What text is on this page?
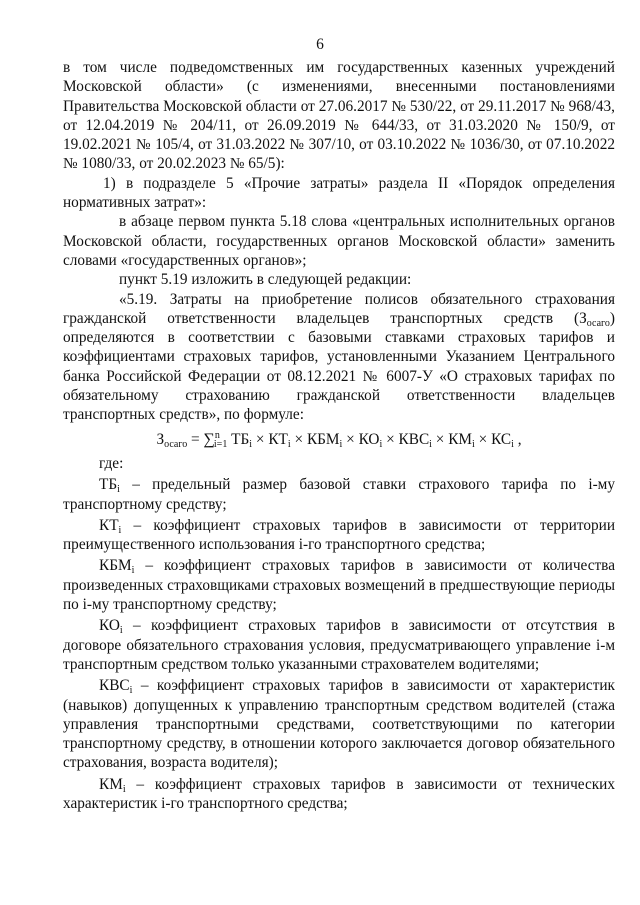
6

в том числе подведомственных им государственных казенных учреждений Московской области» (с изменениями, внесенными постановлениями Правительства Московской области от 27.06.2017 № 530/22, от 29.11.2017 № 968/43, от 12.04.2019 № 204/11, от 26.09.2019 № 644/33, от 31.03.2020 № 150/9, от 19.02.2021 № 105/4, от 31.03.2022 № 307/10, от 03.10.2022 № 1036/30, от 07.10.2022 № 1080/33, от 20.02.2023 № 65/5):

1) в подразделе 5 «Прочие затраты» раздела II «Порядок определения нормативных затрат»:

в абзаце первом пункта 5.18 слова «центральных исполнительных органов Московской области, государственных органов Московской области» заменить словами «государственных органов»;

пункт 5.19 изложить в следующей редакции:

«5.19. Затраты на приобретение полисов обязательного страхования гражданской ответственности владельцев транспортных средств $(З_{осаго})$ определяются в соответствии с базовыми ставками страховых тарифов и коэффициентами страховых тарифов, установленными Указанием Центрального банка Российской Федерации от 08.12.2021 № 6007-У «О страховых тарифах по обязательному страхованию гражданской ответственности владельцев транспортных средств», по формуле:

$З_{осаго} = \sum^n_{i=1}$ $ТБ_i \times КТ_i \times КБМ_i \times КО_i \times КВС_i \times КМ_i \times КС_i$ ,

где:

$ТБ_i$ – предельный размер базовой ставки страхового тарифа по i-му транспортному средству;

$КТ_i$ – коэффициент страховых тарифов в зависимости от территории преимущественного использования i-го транспортного средства;

$КБМ_i$ – коэффициент страховых тарифов в зависимости от количества произведенных страховщиками страховых возмещений в предшествующие периоды по i-му транспортному средству;

$КО_i$ – коэффициент страховых тарифов в зависимости от отсутствия в договоре обязательного страхования условия, предусматривающего управление i-м транспортным средством только указанными страхователем водителями;

$КВС_i$ – коэффициент страховых тарифов в зависимости от характеристик (навыков) допущенных к управлению транспортным средством водителей (стажа управления транспортными средствами, соответствующими по категории транспортному средству, в отношении которого заключается договор обязательного страхования, возраста водителя);

$КМ_i$ – коэффициент страховых тарифов в зависимости от технических характеристик i-го транспортного средства;
